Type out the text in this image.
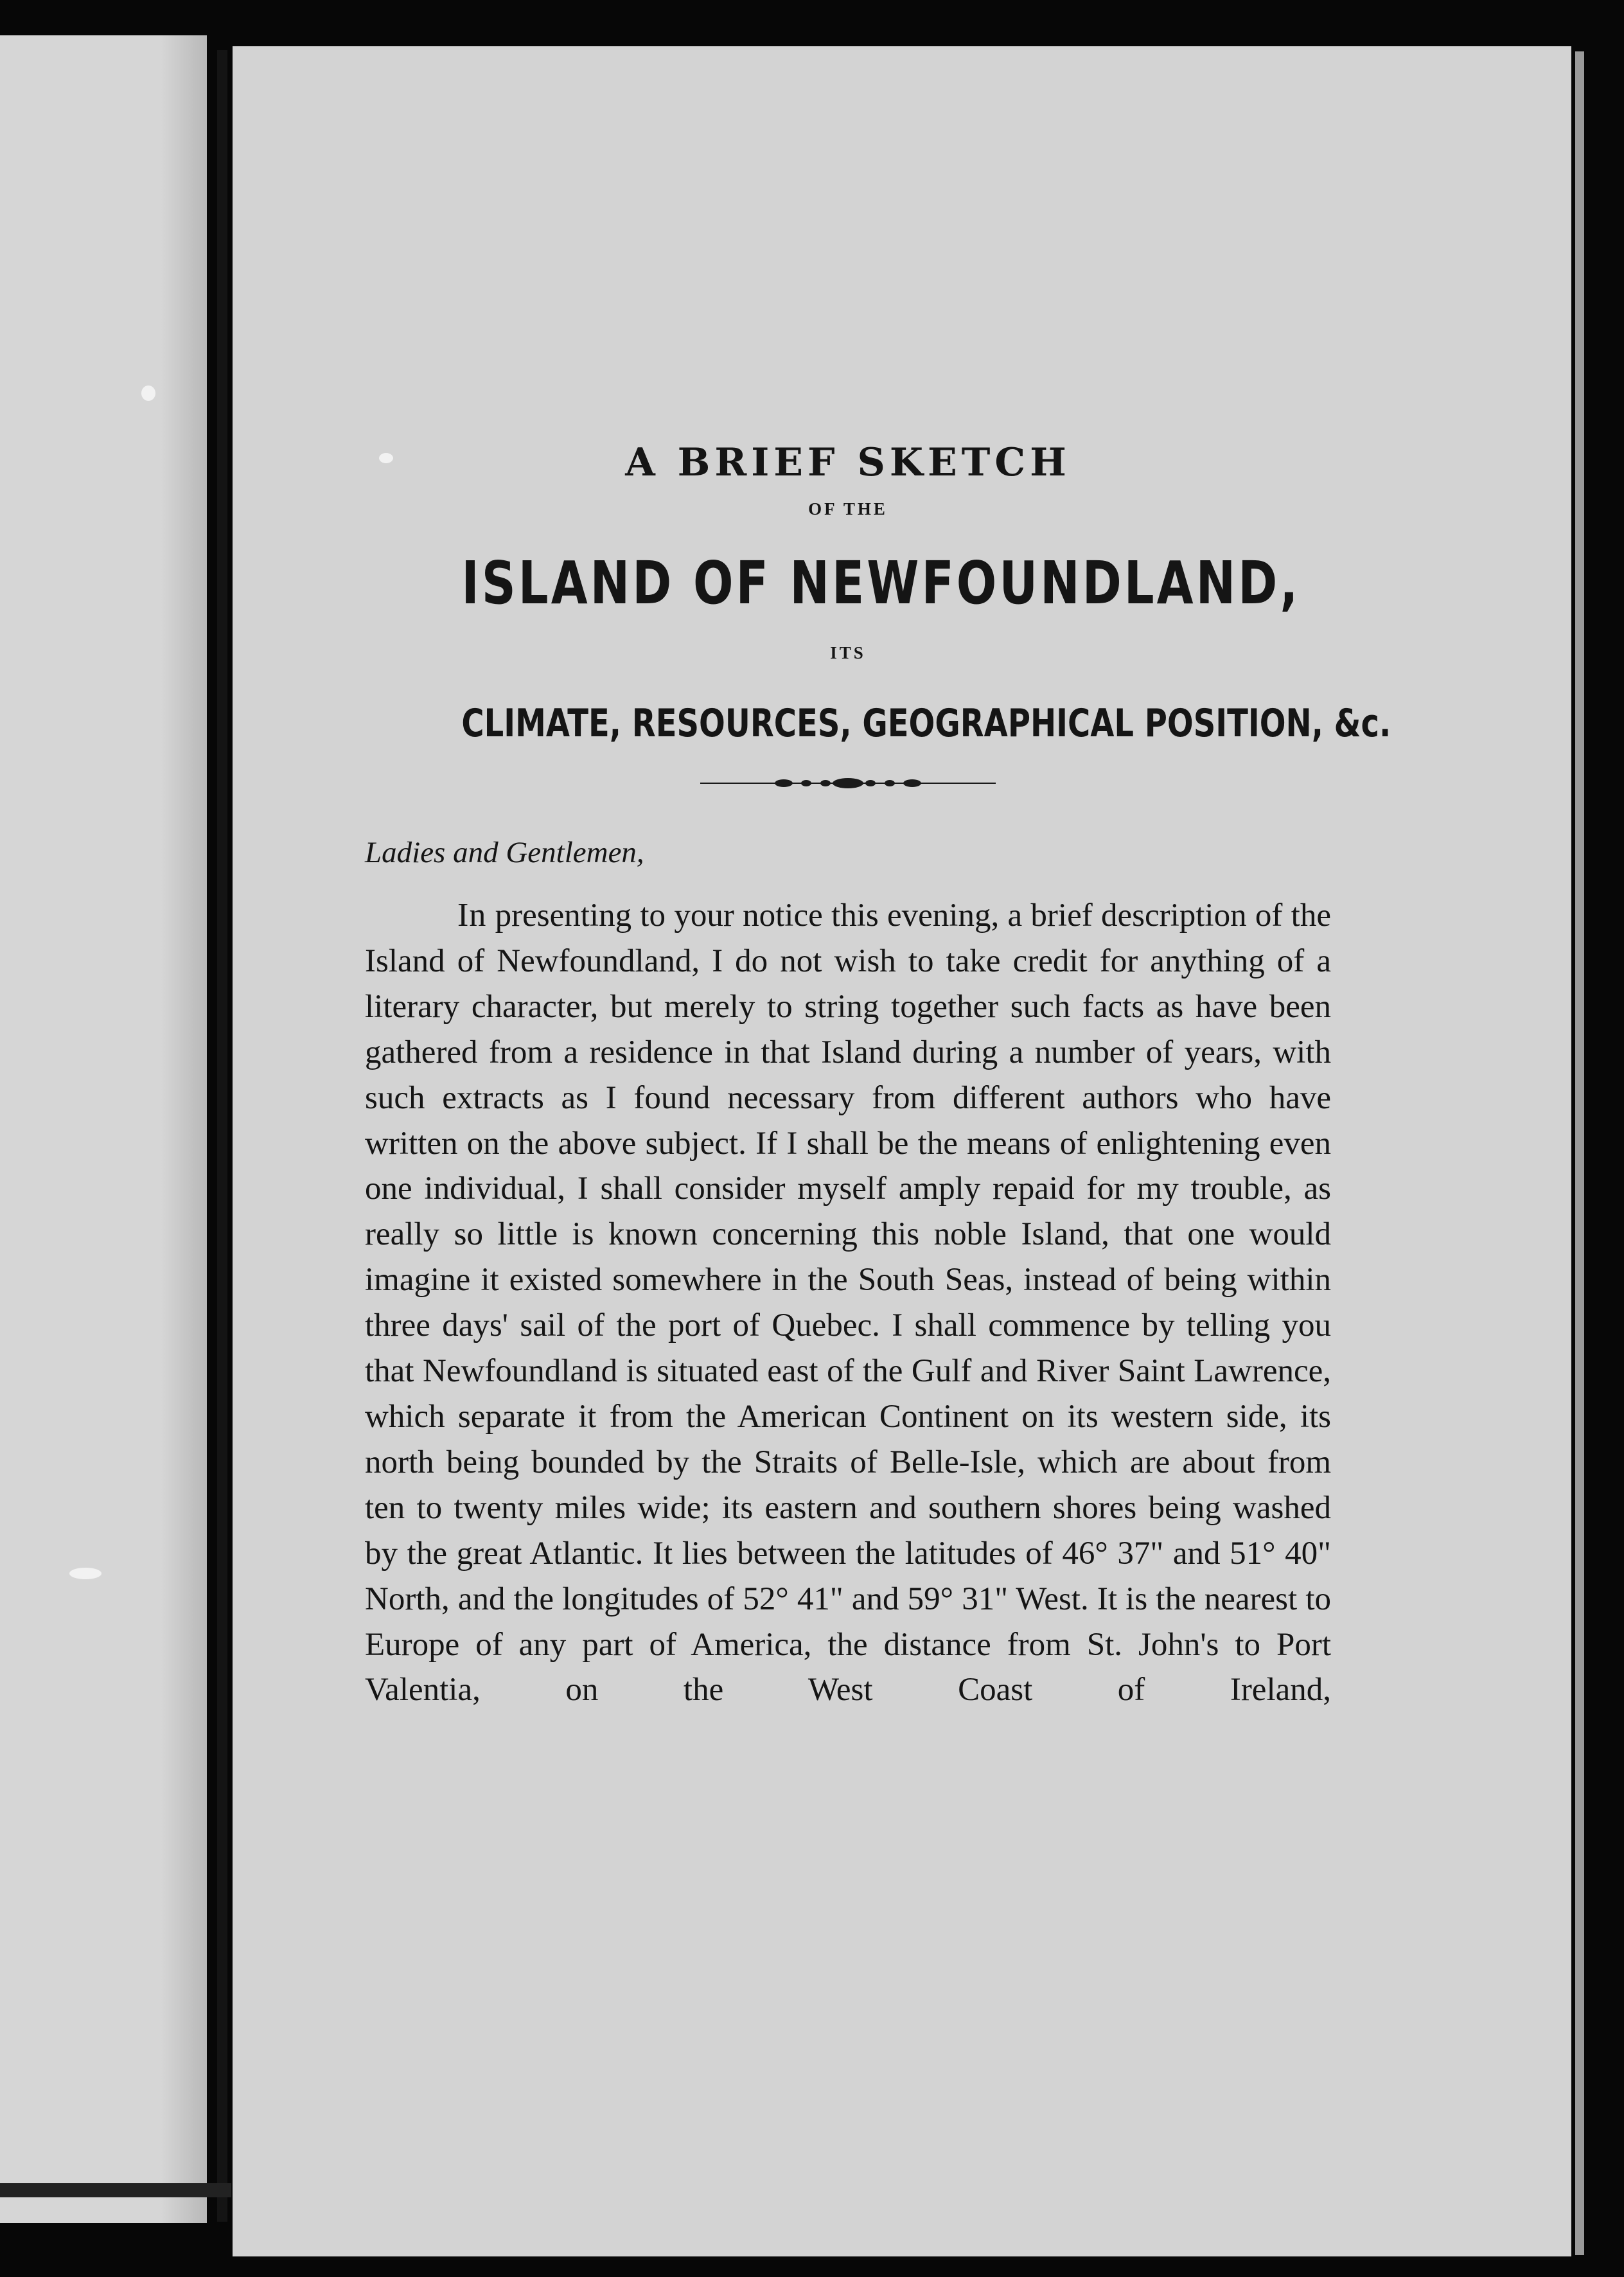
A BRIEF SKETCH
OF THE
ISLAND OF NEWFOUNDLAND,
ITS
CLIMATE, RESOURCES, GEOGRAPHICAL POSITION, &c.
Ladies and Gentlemen,

In presenting to your notice this evening, a brief description of the Island of Newfoundland, I do not wish to take credit for anything of a literary character, but merely to string together such facts as have been gathered from a residence in that Island during a number of years, with such extracts as I found necessary from different authors who have written on the above subject. If I shall be the means of enlightening even one individual, I shall consider myself amply repaid for my trouble, as really so little is known concerning this noble Island, that one would imagine it existed somewhere in the South Seas, instead of being within three days' sail of the port of Quebec. I shall commence by telling you that Newfoundland is situated east of the Gulf and River Saint Lawrence, which separate it from the American Continent on its western side, its north being bounded by the Straits of Belle-Isle, which are about from ten to twenty miles wide; its eastern and southern shores being washed by the great Atlantic. It lies between the latitudes of 46° 37" and 51° 40" North, and the longitudes of 52° 41" and 59° 31" West. It is the nearest to Europe of any part of America, the distance from St. John's to Port Valentia, on the West Coast of Ireland,
